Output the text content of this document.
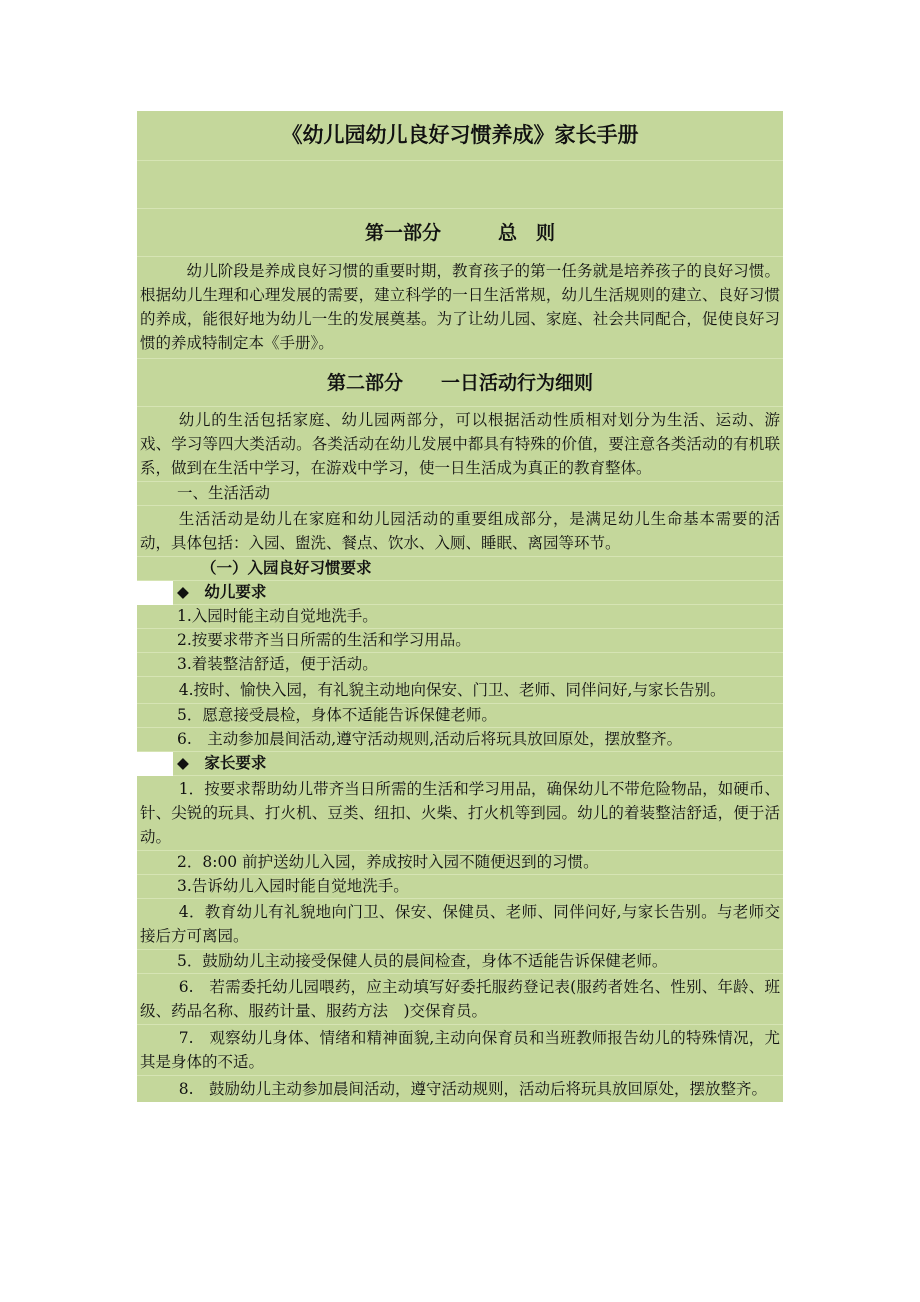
《幼儿园幼儿良好习惯养成》家长手册
第一部分　　　总　则
幼儿阶段是养成良好习惯的重要时期，教育孩子的第一任务就是培养孩子的良好习惯。根据幼儿生理和心理发展的需要，建立科学的一日生活常规，幼儿生活规则的建立、良好习惯的养成，能很好地为幼儿一生的发展奠基。为了让幼儿园、家庭、社会共同配合，促使良好习惯的养成特制定本《手册》。
第二部分　　一日活动行为细则
幼儿的生活包括家庭、幼儿园两部分，可以根据活动性质相对划分为生活、运动、游戏、学习等四大类活动。各类活动在幼儿发展中都具有特殊的价值，要注意各类活动的有机联系，做到在生活中学习，在游戏中学习，使一日生活成为真正的教育整体。
一、生活活动
生活活动是幼儿在家庭和幼儿园活动的重要组成部分，是满足幼儿生命基本需要的活动，具体包括：入园、盥洗、餐点、饮水、入厕、睡眠、离园等环节。
（一）入园良好习惯要求
◆　幼儿要求
1.入园时能主动自觉地洗手。
2.按要求带齐当日所需的生活和学习用品。
3.着装整洁舒适，便于活动。
4.按时、愉快入园，有礼貌主动地向保安、门卫、老师、同伴问好,与家长告别。
5．愿意接受晨检，身体不适能告诉保健老师。
6.　主动参加晨间活动,遵守活动规则,活动后将玩具放回原处，摆放整齐。
◆　家长要求
1．按要求帮助幼儿带齐当日所需的生活和学习用品，确保幼儿不带危险物品，如硬币、针、尖锐的玩具、打火机、豆类、纽扣、火柴、打火机等到园。幼儿的着装整洁舒适，便于活动。
2．8:00 前护送幼儿入园，养成按时入园不随便迟到的习惯。
3.告诉幼儿入园时能自觉地洗手。
4．教育幼儿有礼貌地向门卫、保安、保健员、老师、同伴问好,与家长告别。与老师交接后方可离园。
5．鼓励幼儿主动接受保健人员的晨间检查，身体不适能告诉保健老师。
6.　若需委托幼儿园喂药，应主动填写好委托服药登记表(服药者姓名、性别、年龄、班级、药品名称、服药计量、服药方法　)交保育员。
7.　观察幼儿身体、情绪和精神面貌,主动向保育员和当班教师报告幼儿的特殊情况，尤其是身体的不适。
8.　鼓励幼儿主动参加晨间活动，遵守活动规则，活动后将玩具放回原处，摆放整齐。
